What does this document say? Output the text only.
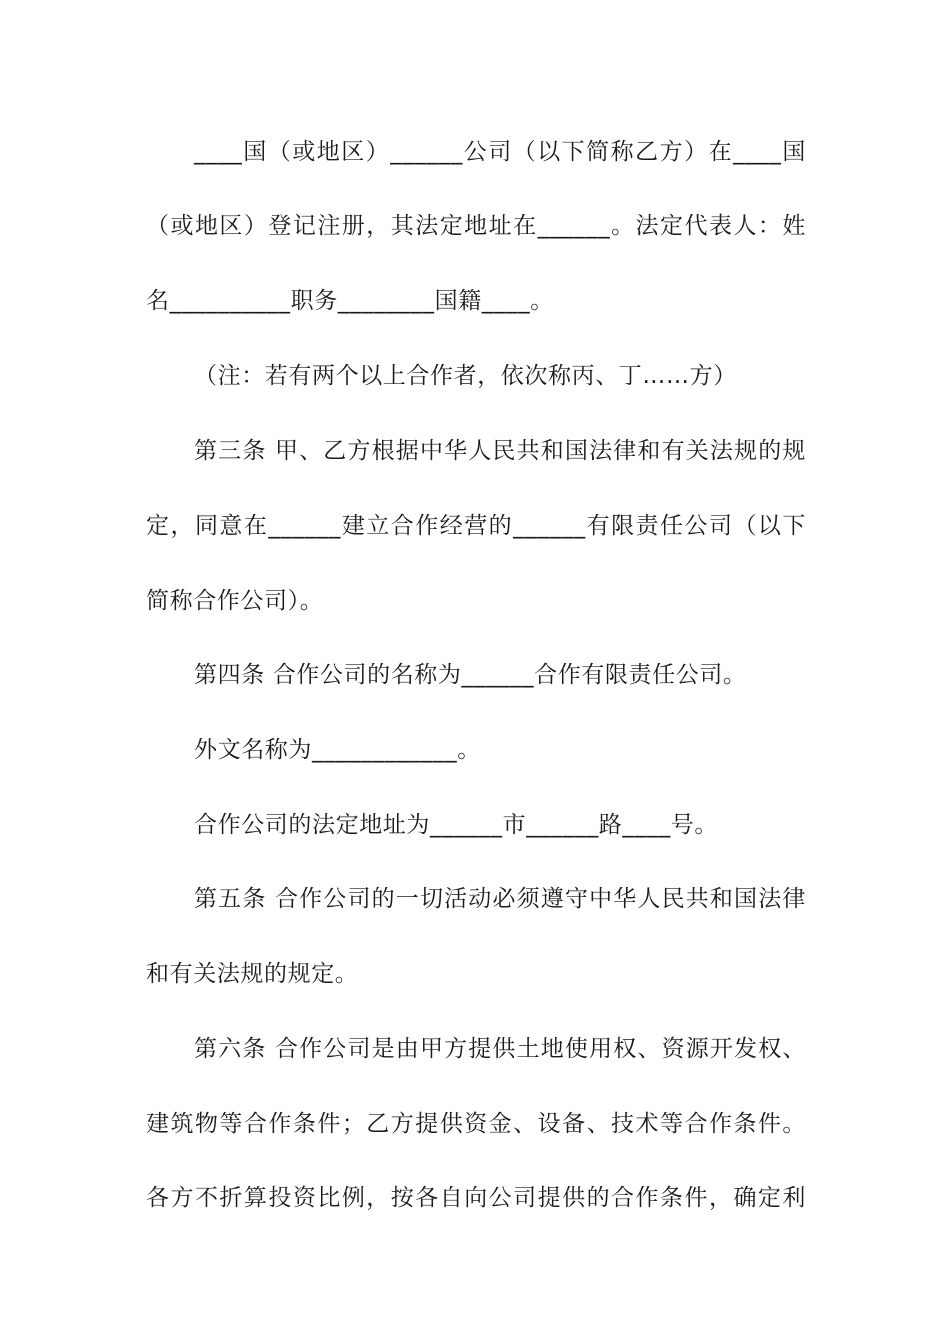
____国（或地区）______公司（以下简称乙方）在____国
（或地区）登记注册，其法定地址在______。法定代表人：姓
名__________职务________国籍____。
（注：若有两个以上合作者，依次称丙、丁……方）
第三条 甲、乙方根据中华人民共和国法律和有关法规的规
定，同意在______建立合作经营的______有限责任公司（以下
简称合作公司）。
第四条 合作公司的名称为______合作有限责任公司。
外文名称为____________。
合作公司的法定地址为______市______路____号。
第五条 合作公司的一切活动必须遵守中华人民共和国法律
和有关法规的规定。
第六条 合作公司是由甲方提供土地使用权、资源开发权、
建筑物等合作条件；乙方提供资金、设备、技术等合作条件。
各方不折算投资比例，按各自向公司提供的合作条件，确定利
